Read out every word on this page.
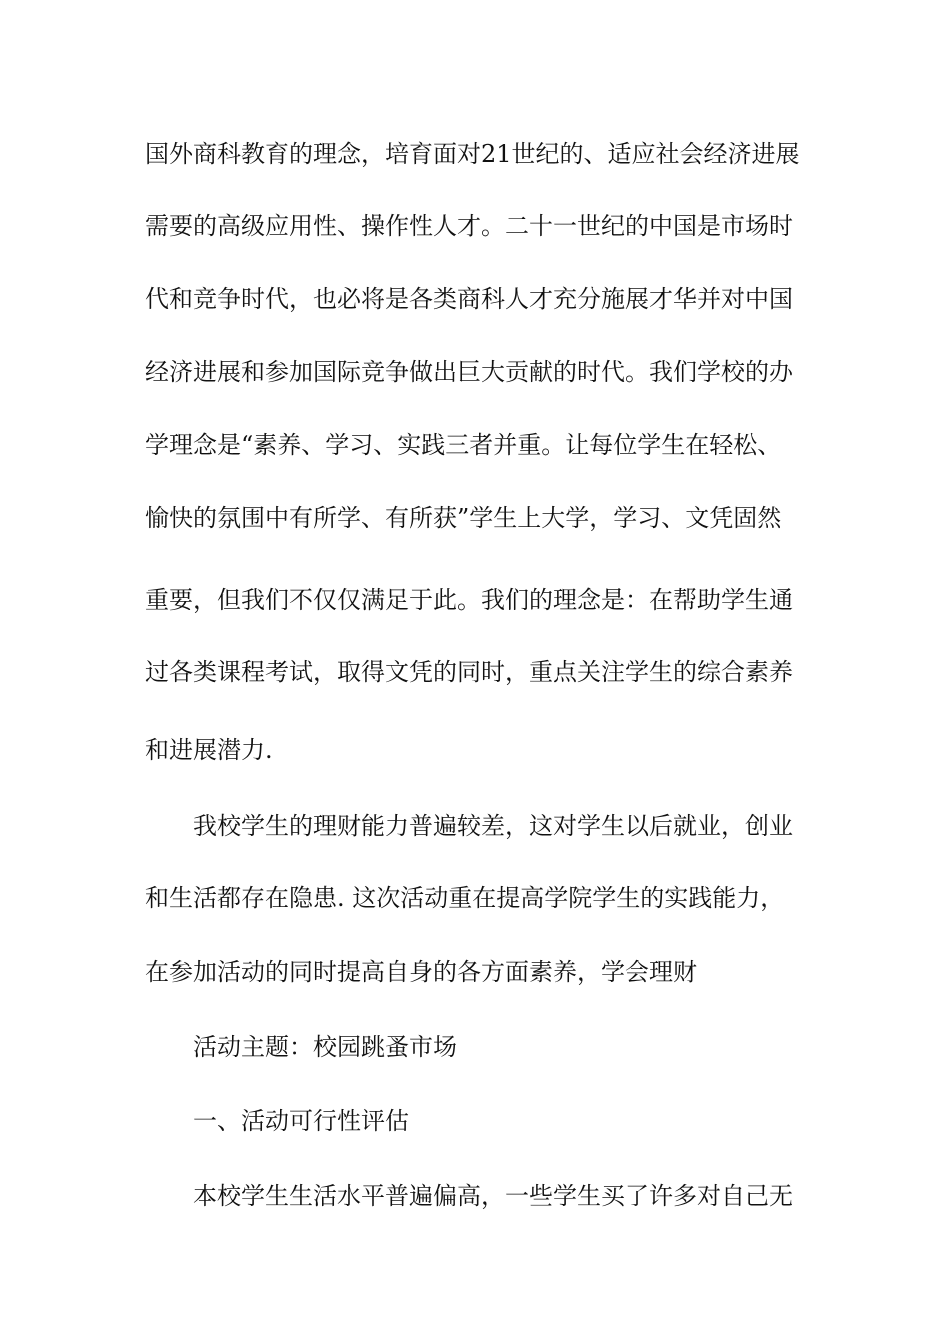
国外商科教育的理念，培育面对21世纪的、适应社会经济进展
需要的高级应用性、操作性人才。二十一世纪的中国是市场时
代和竞争时代，也必将是各类商科人才充分施展才华并对中国
经济进展和参加国际竞争做出巨大贡献的时代。我们学校的办
学理念是“素养、学习、实践三者并重。让每位学生在轻松、
愉快的氛围中有所学、有所获”学生上大学，学习、文凭固然
重要，但我们不仅仅满足于此。我们的理念是：在帮助学生通
过各类课程考试，取得文凭的同时，重点关注学生的综合素养
和进展潜力.
我校学生的理财能力普遍较差，这对学生以后就业，创业
和生活都存在隐患. 这次活动重在提高学院学生的实践能力，
在参加活动的同时提高自身的各方面素养，学会理财
活动主题：校园跳蚤市场
一、活动可行性评估
本校学生生活水平普遍偏高，一些学生买了许多对自己无
